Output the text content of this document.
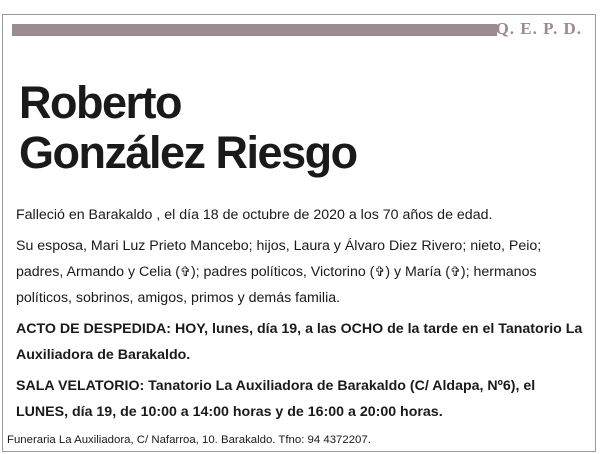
Q. E. P. D.
Roberto
González Riesgo

Falleció en Barakaldo , el día 18 de octubre de 2020 a los 70 años de edad.

Su esposa, Mari Luz Prieto Mancebo; hijos, Laura y Álvaro Diez Rivero; nieto, Peio; padres, Armando y Celia (✞); padres políticos, Victorino (✞) y María (✞); hermanos políticos, sobrinos, amigos, primos y demás familia.

ACTO DE DESPEDIDA: HOY, lunes, día 19, a las OCHO de la tarde en el Tanatorio La Auxiliadora de Barakaldo.

SALA VELATORIO: Tanatorio La Auxiliadora de Barakaldo (C/ Aldapa, Nº6), el LUNES, día 19, de 10:00 a 14:00 horas y de 16:00 a 20:00 horas.

Funeraria La Auxiliadora, C/ Nafarroa, 10. Barakaldo. Tfno: 94 4372207.
